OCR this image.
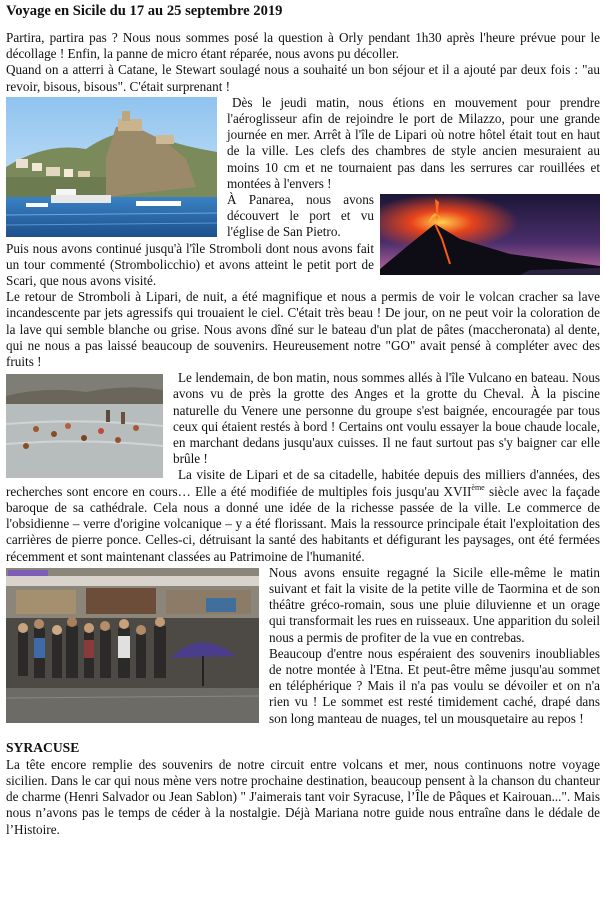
Voyage en Sicile du 17 au 25 septembre 2019

Partira, partira pas ? Nous nous sommes posé la question à Orly pendant 1h30 après l'heure prévue pour le décollage ! Enfin, la panne de micro étant réparée, nous avons pu décoller.

Quand on a atterri à Catane, le Stewart soulagé nous a souhaité un bon séjour et il a ajouté par deux fois : "au revoir, bisous, bisous". C'était surprenant !

Dès le jeudi matin, nous étions en mouvement pour prendre l'aéroglisseur afin de rejoindre le port de Milazzo, pour une grande journée en mer. Arrêt à l'île de Lipari où notre hôtel était tout en haut de la ville. Les clefs des chambres de style ancien mesuraient au moins 10 cm et ne tournaient pas dans les serrures car rouillées et montées à l'envers !

À Panarea, nous avons découvert le port et vu l'église de San Pietro.

Puis nous avons continué jusqu'à l'île Stromboli dont nous avons fait un tour commenté (Strombolicchio) et avons atteint le petit port de Scari, que nous avons visité.

Le retour de Stromboli à Lipari, de nuit, a été magnifique et nous a permis de voir le volcan cracher sa lave incandescente par jets agressifs qui trouaient le ciel. C'était très beau ! De jour, on ne peut voir la coloration de la lave qui semble blanche ou grise. Nous avons dîné sur le bateau d'un plat de pâtes (maccheronata) al dente, qui ne nous a pas laissé beaucoup de souvenirs. Heureusement notre "GO" avait pensé à compléter avec des fruits !

Le lendemain, de bon matin, nous sommes allés à l'île Vulcano en bateau. Nous avons vu de près la grotte des Anges et la grotte du Cheval. À la piscine naturelle du Venere une personne du groupe s'est baignée, encouragée par tous ceux qui étaient restés à bord ! Certains ont voulu essayer la boue chaude locale, en marchant dedans jusqu'aux cuisses. Il ne faut surtout pas s'y baigner car elle brûle !

La visite de Lipari et de sa citadelle, habitée depuis des milliers d'années, des recherches sont encore en cours… Elle a été modifiée de multiples fois jusqu'au XVIIème siècle avec la façade baroque de sa cathédrale. Cela nous a donné une idée de la richesse passée de la ville. Le commerce de l'obsidienne – verre d'origine volcanique – y a été florissant. Mais la ressource principale était l'exploitation des carrières de pierre ponce. Celles-ci, détruisant la santé des habitants et défigurant les paysages, ont été fermées récemment et sont maintenant classées au Patrimoine de l'humanité.

Nous avons ensuite regagné la Sicile elle-même le matin suivant et fait la visite de la petite ville de Taormina et de son théâtre gréco-romain, sous une pluie diluvienne et un orage qui transformait les rues en ruisseaux. Une apparition du soleil nous a permis de profiter de la vue en contrebas.

Beaucoup d'entre nous espéraient des souvenirs inoubliables de notre montée à l'Etna. Et peut-être même jusqu'au sommet en téléphérique ? Mais il n'a pas voulu se dévoiler et on n'a rien vu ! Le sommet est resté timidement caché, drapé dans son long manteau de nuages, tel un mousquetaire au repos !

SYRACUSE

La tête encore remplie des souvenirs de notre circuit entre volcans et mer, nous continuons notre voyage sicilien. Dans le car qui nous mène vers notre prochaine destination, beaucoup pensent à la chanson du chanteur de charme (Henri Salvador ou Jean Sablon) " J'aimerais tant voir Syracuse, l’Île de Pâques et Kairouan...". Mais nous n’avons pas le temps de céder à la nostalgie. Déjà Mariana notre guide nous entraîne dans le dédale de l’Histoire.
